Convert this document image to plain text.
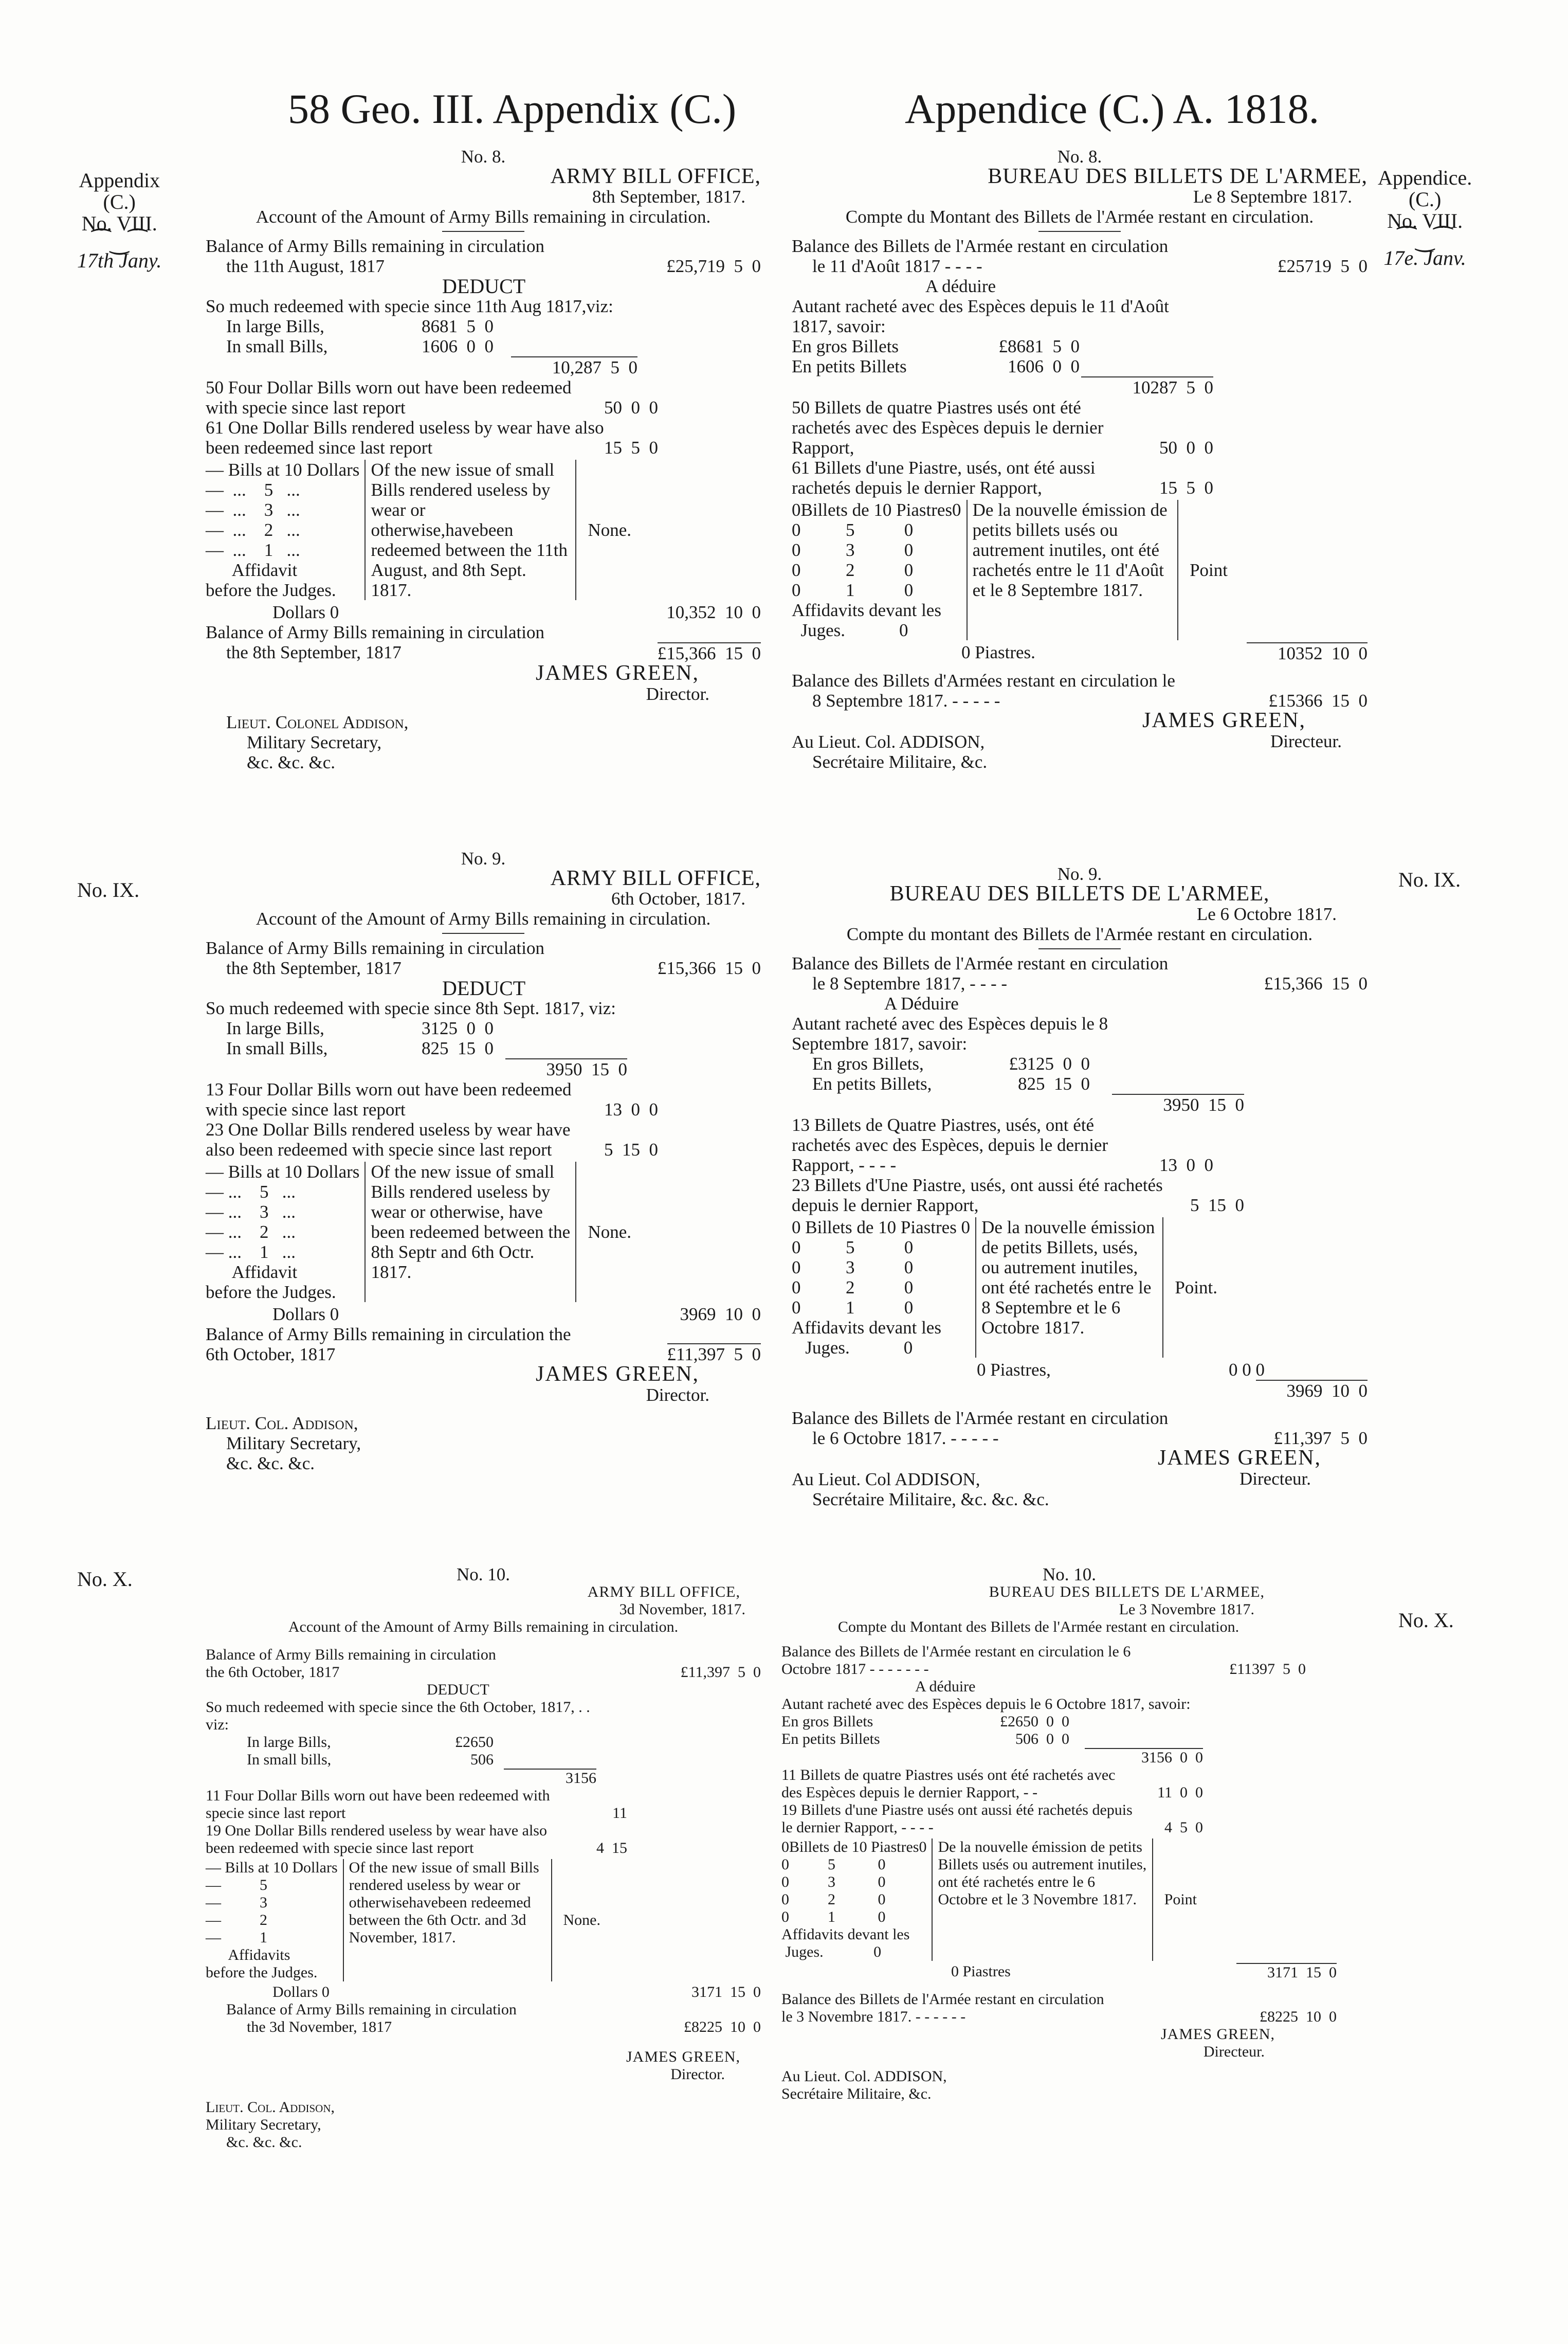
58 Geo. III. Appendix (C.)	Appendice (C.) A. 1818.
Appendix
(C.)
No. VIII.
⁀‿⁀
17th Jany.
Appendice.
(C.)
No. VIII.
⁀‿⁀
17e. Janv.
No. IX.	No. IX.
No. X.
No. X.
No. 8.
ARMY BILL OFFICE,
8th September, 1817.
Account of the Amount of Army Bills remaining in circulation.
Balance of Army Bills remaining in circulation
the 11th August, 1817	£25,719  5  0
DEDUCT
So much redeemed with specie since 11th Aug 1817,viz:
In large Bills,	8681  5  0
In small Bills,	1606  0  0
10,287  5  0
50 Four Dollar Bills worn out have been redeemed with specie since last report	50  0  0
61 One Dollar Bills rendered useless by wear have also been redeemed since last report	15  5  0
— Bills at 10 Dollars
—  ...    5   ...
—  ...    3   ...
—  ...    2   ...
—  ...    1   ...
Affidavit
before the Judges.
Of the new issue of small Bills rendered useless by wear or otherwise,havebeen redeemed between the 11th August, and 8th Sept. 1817.
None.
Dollars 0	10,352  10  0
Balance of Army Bills remaining in circulation
the 8th September, 1817	£15,366  15  0
JAMES GREEN,
Director.
Lieut. Colonel Addison,
Military Secretary,
&c. &c. &c.
No. 8.
BUREAU DES BILLETS DE L'ARMEE,
Le 8 Septembre 1817.
Compte du Montant des Billets de l'Armée restant en circulation.
Balance des Billets de l'Armée restant en circulation
le 11 d'Août 1817 - - - -	£25719  5  0
A déduire
Autant racheté avec des Espèces depuis le 11 d'Août 1817, savoir:
En gros Billets	£8681  5  0
En petits Billets	1606  0  0
10287  5  0
50 Billets de quatre Piastres usés ont été rachetés avec des Espèces depuis le dernier Rapport,	50  0  0
61 Billets d'une Piastre, usés, ont été aussi rachetés depuis le dernier Rapport,	15  5  0
0Billets de 10 Piastres0
0          5           0
0          3           0
0          2           0
0          1           0
Affidavits devant les
Juges.            0
De la nouvelle émission de petits billets usés ou autrement inutiles, ont été rachetés entre le 11 d'Août et le 8 Septembre 1817.
Point
0 Piastres.	10352  10  0
Balance des Billets d'Armées restant en circulation le
8 Septembre 1817. - - - - -	£15366  15  0
JAMES GREEN,
Directeur.
Au Lieut. Col. ADDISON,
Secrétaire Militaire, &c.
No. 9.
ARMY BILL OFFICE,
6th October, 1817.
Account of the Amount of Army Bills remaining in circulation.
Balance of Army Bills remaining in circulation
the 8th September, 1817	£15,366  15  0
DEDUCT
So much redeemed with specie since 8th Sept. 1817, viz:
In large Bills,	3125  0  0
In small Bills,	825  15  0
3950  15  0
13 Four Dollar Bills worn out have been redeemed with specie since last report	13  0  0
23 One Dollar Bills rendered useless by wear have also been redeemed with specie since last report	5  15  0
— Bills at 10 Dollars
— ...    5   ...
— ...    3   ...
— ...    2   ...
— ...    1   ...
Affidavit
before the Judges.
Of the new issue of small Bills rendered useless by wear or otherwise, have been redeemed between the 8th Septr and 6th Octr. 1817.
None.
Dollars 0	3969  10  0
Balance of Army Bills remaining in circulation the 6th October, 1817	£11,397  5  0
JAMES GREEN,
Director.
Lieut. Col. Addison,
Military Secretary,
&c. &c. &c.
No. 9.
BUREAU DES BILLETS DE L'ARMEE,
Le 6 Octobre 1817.
Compte du montant des Billets de l'Armée restant en circulation.
Balance des Billets de l'Armée restant en circulation
le 8 Septembre 1817, - - - -	£15,366  15  0
A Déduire
Autant racheté avec des Espèces depuis le 8 Septembre 1817, savoir:
En gros Billets,	£3125  0  0
En petits Billets,	825  15  0
3950  15  0
13 Billets de Quatre Piastres, usés, ont été rachetés avec des Espèces, depuis le dernier Rapport, - - - -	13  0  0
23 Billets d'Une Piastre, usés, ont aussi été rachetés depuis le dernier Rapport,	5  15  0
0 Billets de 10 Piastres 0
0          5           0
0          3           0
0          2           0
0          1           0
Affidavits devant les
Juges.            0
De la nouvelle émission de petits Billets, usés, ou autrement inutiles, ont été rachetés entre le 8 Septembre et le 6 Octobre 1817.
Point.
0 Piastres,	0 0 0
3969  10  0
Balance des Billets de l'Armée restant en circulation
le 6 Octobre 1817. - - - - -	£11,397  5  0
JAMES GREEN,
Directeur.
Au Lieut. Col ADDISON,
Secrétaire Militaire, &c. &c. &c.
No. 10.
ARMY BILL OFFICE,
3d November, 1817.
Account of the Amount of Army Bills remaining in circulation.
Balance of Army Bills remaining in circulation
the 6th October, 1817	£11,397  5  0
DEDUCT
So much redeemed with specie since the 6th October, 1817, . . viz:
In large Bills,	£2650
In small bills,	506
3156
11 Four Dollar Bills worn out have been redeemed with specie since last report	11
19 One Dollar Bills rendered useless by wear have also been redeemed with specie since last report	4  15
— Bills at 10 Dollars
—          5
—          3
—          2
—          1
Affidavits
before the Judges.
Of the new issue of small Bills rendered useless by wear or otherwisehavebeen redeemed between the 6th Octr. and 3d November, 1817.
None.
Dollars 0	3171  15  0
Balance of Army Bills remaining in circulation
the 3d November, 1817	£8225  10  0
JAMES GREEN,
Director.
Lieut. Col. Addison,
Military Secretary,
&c. &c. &c.
No. 10.
BUREAU DES BILLETS DE L'ARMEE,
Le 3 Novembre 1817.
Compte du Montant des Billets de l'Armée restant en circulation.
Balance des Billets de l'Armée restant en circulation le 6
Octobre 1817 - - - - - - -	£11397  5  0
A déduire
Autant racheté avec des Espèces depuis le 6 Octobre 1817, savoir:
En gros Billets	£2650  0  0
En petits Billets	506  0  0
3156  0  0
11 Billets de quatre Piastres usés ont été rachetés avec des Espèces depuis le dernier Rapport, - -	11  0  0
19 Billets d'une Piastre usés ont aussi été rachetés depuis le dernier Rapport, - - - -	4  5  0
0Billets de 10 Piastres0
0          5           0
0          3           0
0          2           0
0          1           0
Affidavits devant les
Juges.             0
De la nouvelle émission de petits Billets usés ou autrement inutiles, ont été rachetés entre le 6 Octobre et le 3 Novembre 1817.	Point
0 Piastres	3171  15  0
Balance des Billets de l'Armée restant en circulation
le 3 Novembre 1817. - - - - - -	£8225  10  0
JAMES GREEN,
Directeur.
Au Lieut. Col. ADDISON,
Secrétaire Militaire, &c.
